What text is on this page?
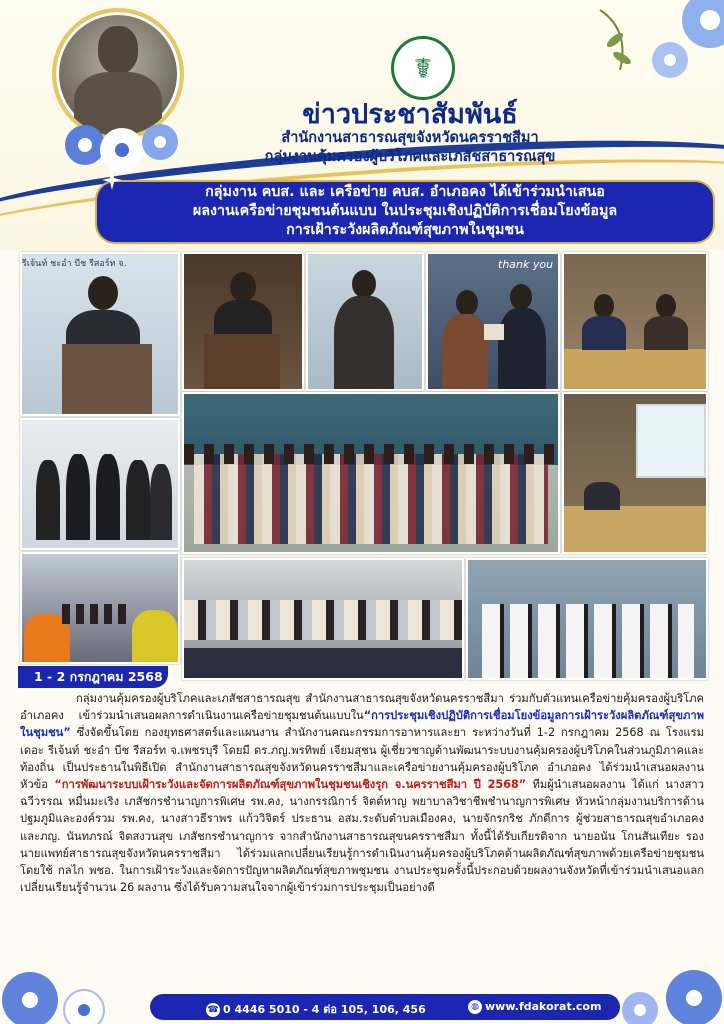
☤
ข่าวประชาสัมพันธ์
สำนักงานสาธารณสุขจังหวัดนครราชสีมา
กลุ่มงานคุ้มครองผู้บริโภคและเภสัชสาธารณสุข
กลุ่มงาน คบส. และ เครือข่าย คบส. อำเภอคง ได้เข้าร่วมนำเสนอ
ผลงานเครือข่ายชุมชนต้นแบบ ในประชุมเชิงปฏิบัติการเชื่อมโยงข้อมูล
การเฝ้าระวังผลิตภัณฑ์สุขภาพในชุมชน
รีเจ้นท์ ชะอำ บีช รีสอร์ท จ.	thank you
1 - 2 กรกฎาคม 2568

กลุ่มงานคุ้มครองผู้บริโภคและเภสัชสาธารณสุข สำนักงานสาธารณสุขจังหวัดนครราชสีมา ร่วมกับตัวแทนเครือข่ายคุ้มครองผู้บริโภคอำเภอคง เข้าร่วมนำเสนอผลการดำเนินงานเครือข่ายชุมชนต้นแบบใน“การประชุมเชิงปฏิบัติการเชื่อมโยงข้อมูลการเฝ้าระวังผลิตภัณฑ์สุขภาพในชุมชน” ซึ่งจัดขึ้นโดย กองยุทธศาสตร์และแผนงาน สำนักงานคณะกรรมการอาหารและยา ระหว่างวันที่ 1-2 กรกฎาคม 2568 ณ โรงแรม เดอะ รีเจ้นท์ ชะอำ บีช รีสอร์ท จ.เพชรบุรี โดยมี ดร.ภญ.พรทิพย์ เจียมสุชน ผู้เชี่ยวชาญด้านพัฒนาระบบงานคุ้มครองผู้บริโภคในส่วนภูมิภาคและท้องถิ่น เป็นประธานในพิธีเปิด สำนักงานสาธารณสุขจังหวัดนครราชสีมาและเครือข่ายงานคุ้มครองผู้บริโภค อำเภอคง ได้ร่วมนำเสนอผลงานหัวข้อ “การพัฒนาระบบเฝ้าระวังและจัดการผลิตภัณฑ์สุขภาพในชุมชนเชิงรุก จ.นครราชสีมา ปี 2568” ทีมผู้นำเสนอผลงาน ได้แก่ นางสาวฉวีวรรณ หมื่นมะเริง เภสัชกรชำนาญการพิเศษ รพ.คง, นางกรรณิการ์ จิตต์หาญ พยาบาลวิชาชีพชำนาญการพิเศษ หัวหน้ากลุ่มงานบริการด้านปฐมภูมิและองค์รวม รพ.คง, นางสาวธีราพร แก้ววิจิตร์ ประธาน อสม.ระดับตำบลเมืองคง, นายจักรกริช ภักดีการ ผู้ช่วยสาธารณสุขอำเภอคง และภญ. นันทภรณ์ จิตสงวนสุข เภสัชกรชำนาญการ จากสำนักงานสาธารณสุขนครราชสีมา ทั้งนี้ได้รับเกียรติจาก นายอนัน โกนสันเทียะ รองนายแพทย์สาธารณสุขจังหวัดนครราชสีมา ได้ร่วมแลกเปลี่ยนเรียนรู้การดำเนินงานคุ้มครองผู้บริโภคด้านผลิตภัณฑ์สุขภาพด้วยเครือข่ายชุมชน โดยใช้ กลไก พชอ. ในการเฝ้าระวังและจัดการปัญหาผลิตภัณฑ์สุขภาพชุมชน งานประชุมครั้งนี้ประกอบด้วยผลงานจังหวัดที่เข้าร่วมนำเสนอแลกเปลี่ยนเรียนรู้จำนวน 26 ผลงาน ซึ่งได้รับความสนใจจากผู้เข้าร่วมการประชุมเป็นอย่างดี

☎ 0 4446 5010 - 4 ต่อ 105, 106, 456	◍ www.fdakorat.com
